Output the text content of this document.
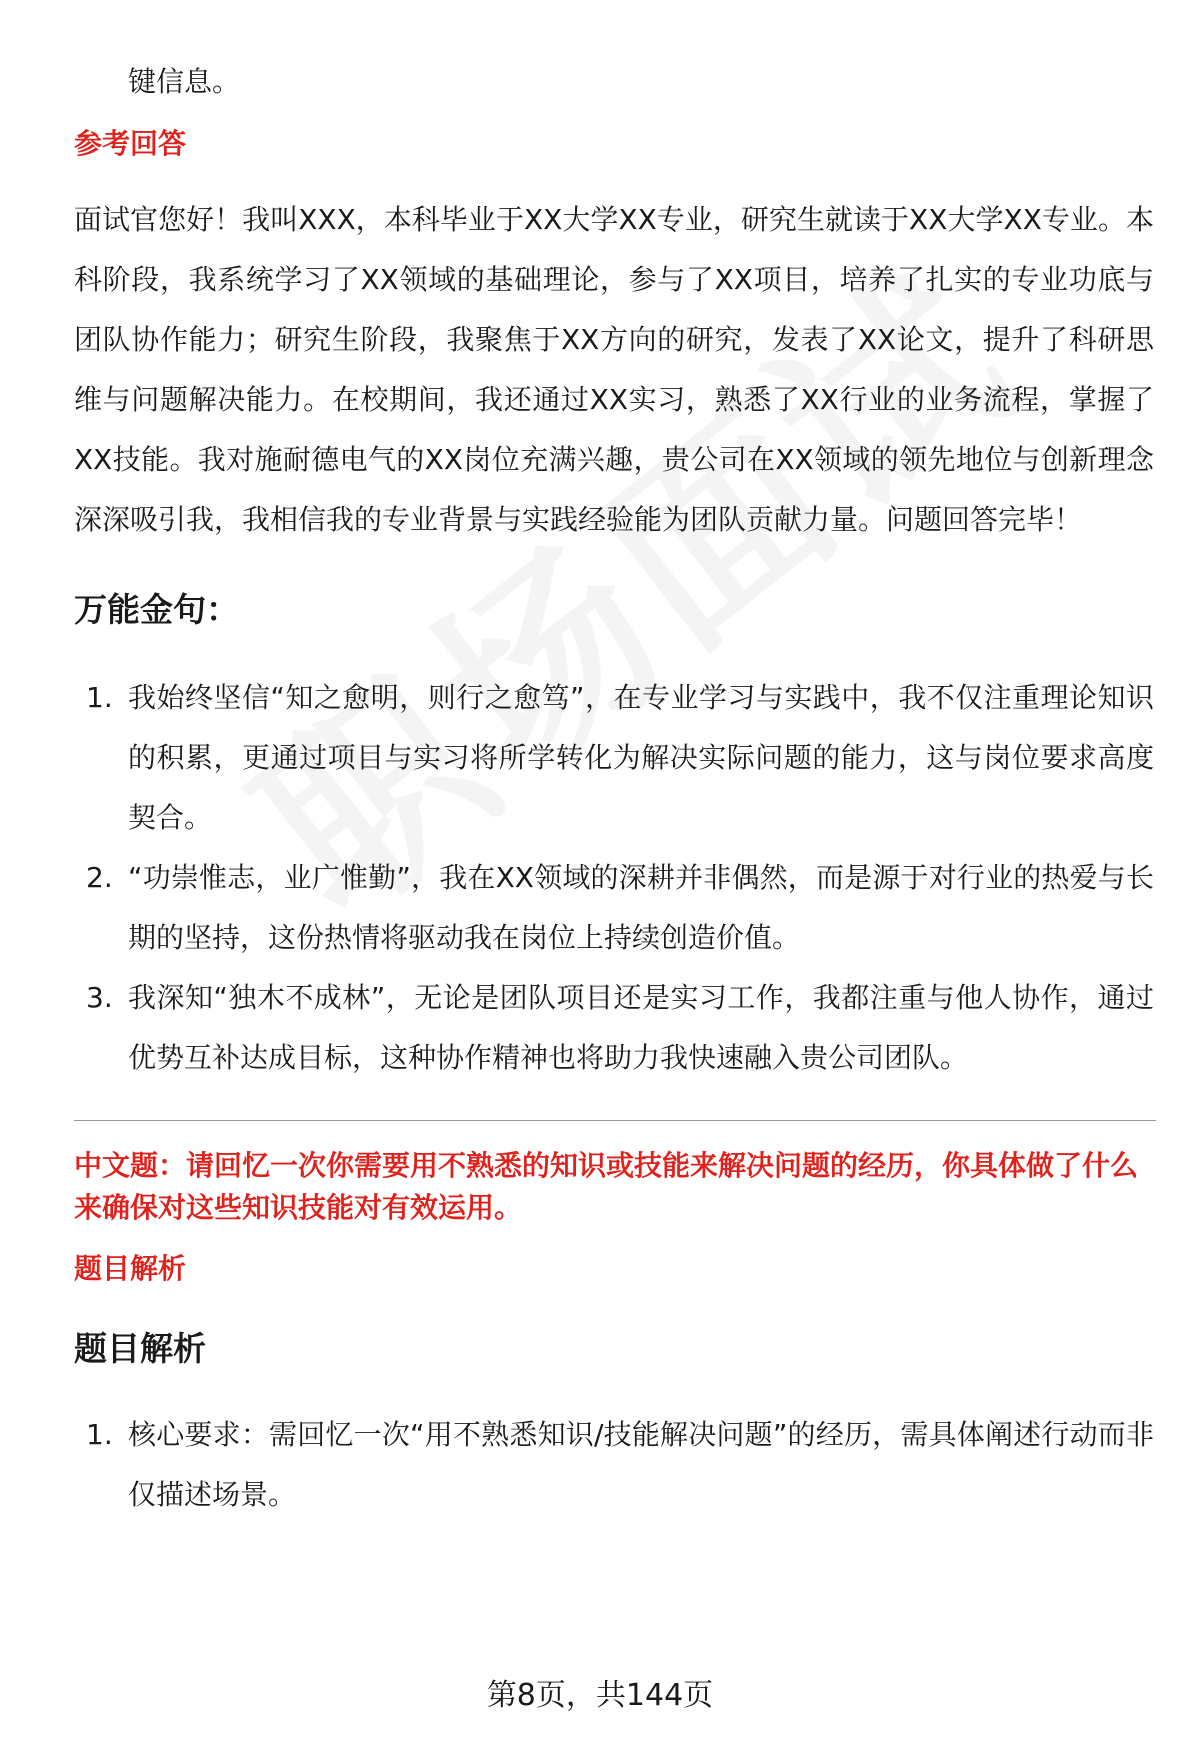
键信息。

参考回答

面试官您好！我叫XXX，本科毕业于XX大学XX专业，研究生就读于XX大学XX专业。本科阶段，我系统学习了XX领域的基础理论，参与了XX项目，培养了扎实的专业功底与团队协作能力；研究生阶段，我聚焦于XX方向的研究，发表了XX论文，提升了科研思维与问题解决能力。在校期间，我还通过XX实习，熟悉了XX行业的业务流程，掌握了XX技能。我对施耐德电气的XX岗位充满兴趣，贵公司在XX领域的领先地位与创新理念深深吸引我，我相信我的专业背景与实践经验能为团队贡献力量。问题回答完毕！

万能金句：

1. 我始终坚信“知之愈明，则行之愈笃”，在专业学习与实践中，我不仅注重理论知识的积累，更通过项目与实习将所学转化为解决实际问题的能力，这与岗位要求高度契合。
2. “功崇惟志，业广惟勤”，我在XX领域的深耕并非偶然，而是源于对行业的热爱与长期的坚持，这份热情将驱动我在岗位上持续创造价值。
3. 我深知“独木不成林”，无论是团队项目还是实习工作，我都注重与他人协作，通过优势互补达成目标，这种协作精神也将助力我快速融入贵公司团队。

中文题：请回忆一次你需要用不熟悉的知识或技能来解决问题的经历，你具体做了什么来确保对这些知识技能对有效运用。

题目解析

题目解析

1. 核心要求：需回忆一次“用不熟悉知识/技能解决问题”的经历，需具体阐述行动而非仅描述场景。
第8页，共144页
